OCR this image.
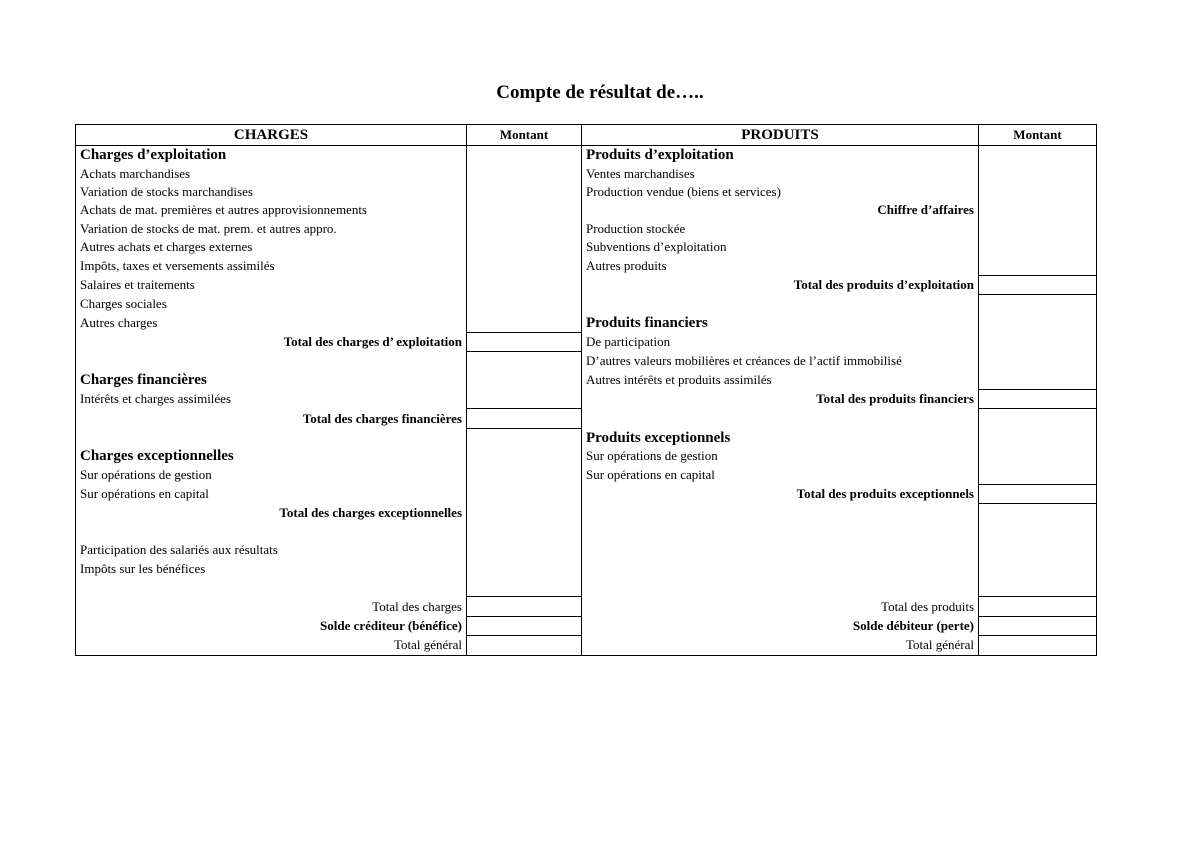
Compte de résultat de…..
CHARGES	Montant	PRODUITS	Montant
Charges d’exploitation		Produits d’exploitation	
Achats marchandises		Ventes marchandises	
Variation de stocks marchandises		Production vendue (biens et services)	
Achats de mat. premières et autres approvisionnements		Chiffre d’affaires	
Variation de stocks de mat. prem. et autres appro.		Production stockée	
Autres achats et charges externes		Subventions d’exploitation	
Impôts, taxes et versements assimilés		Autres produits	
Salaires et traitements		Total des produits d’exploitation	
Charges sociales			
Autres charges		Produits financiers	
Total des charges d’ exploitation		De participation	
		D’autres valeurs mobilières et créances de l’actif immobilisé	
Charges financières		Autres intérêts et produits assimilés	
Intérêts et charges assimilées		Total des produits financiers	
Total des charges financières			
		Produits exceptionnels	
Charges exceptionnelles		Sur opérations de gestion	
Sur opérations de gestion		Sur opérations en capital	
Sur opérations en capital		Total des produits exceptionnels	
Total des charges exceptionnelles			

Participation des salariés aux résultats			
Impôts sur les bénéfices			

Total des charges		Total des produits	
Solde créditeur (bénéfice)		Solde débiteur (perte)	
Total général		Total général	
